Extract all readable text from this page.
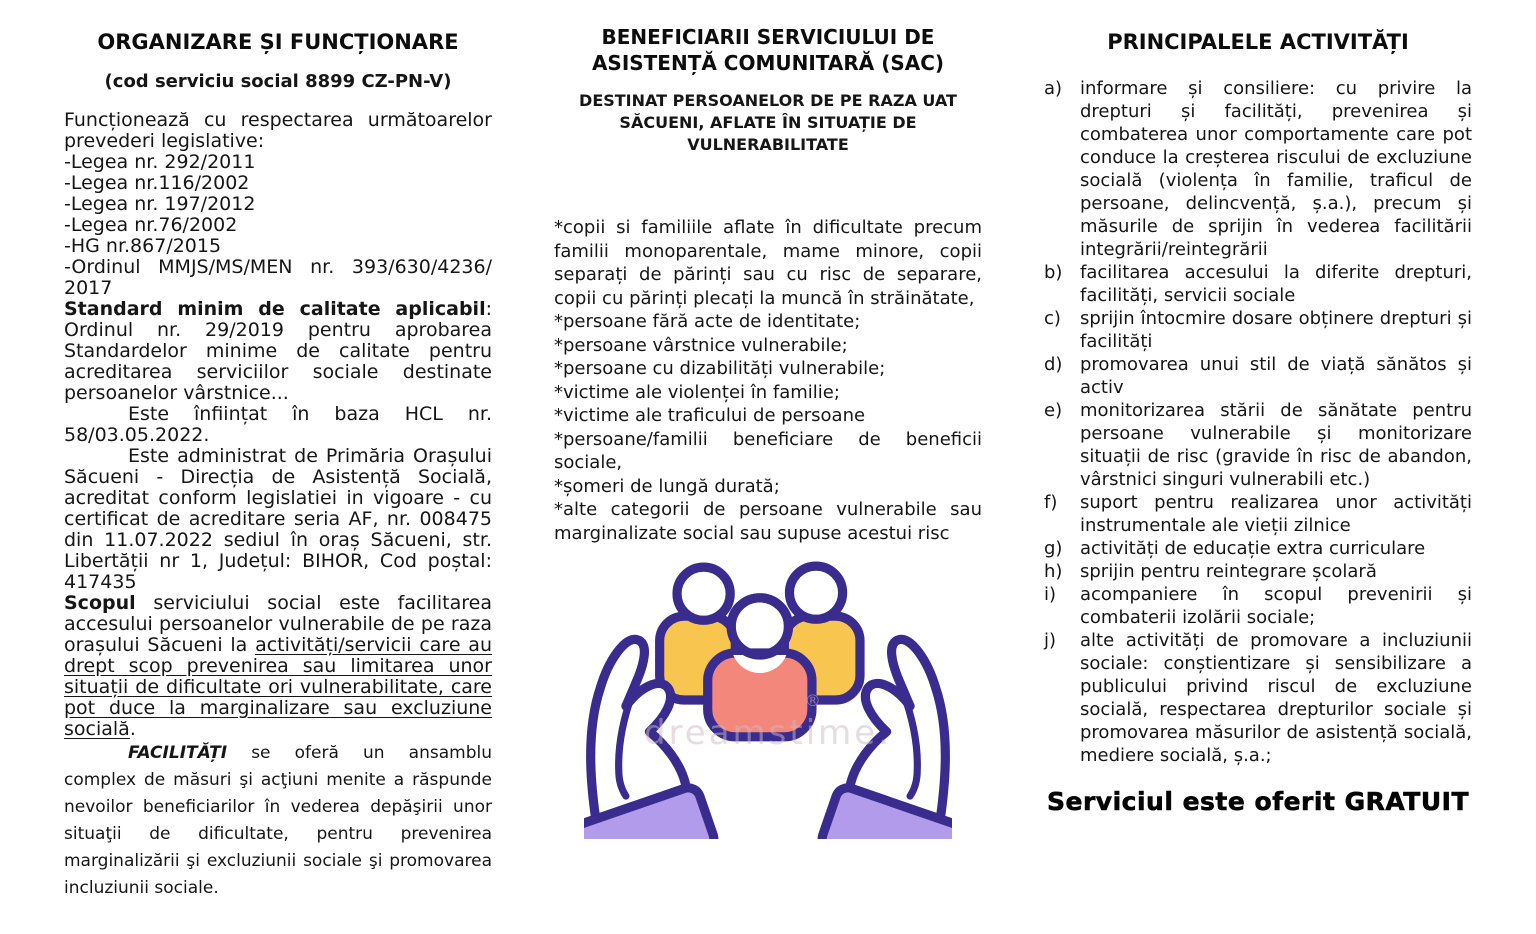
ORGANIZARE ȘI FUNCȚIONARE
(cod serviciu social 8899 CZ-PN-V)

Funcționează cu respectarea următoarelor prevederi legislative:

-Legea nr. 292/2011

-Legea nr.116/2002

-Legea nr. 197/2012

-Legea nr.76/2002

-HG nr.867/2015

-Ordinul MMJS/MS/MEN nr. 393/630/4236/ 2017

Standard minim de calitate aplicabil: Ordinul nr. 29/2019 pentru aprobarea Standardelor minime de calitate pentru acreditarea serviciilor sociale destinate persoanelor vârstnice...

Este înființat în baza HCL nr. 58/03.05.2022.

Este administrat de Primăria Orașului Săcueni - Direcția de Asistență Socială, acreditat conform legislatiei in vigoare - cu certificat de acreditare seria AF, nr. 008475 din 11.07.2022 sediul în oraș Săcueni, str. Libertății nr 1, Județul: BIHOR, Cod poștal: 417435

Scopul serviciului social este facilitarea accesului persoanelor vulnerabile de pe raza orașului Săcueni la activități/servicii care au drept scop prevenirea sau limitarea unor situații de dificultate ori vulnerabilitate, care pot duce la marginalizare sau excluziune socială.

FACILITĂȚI se oferă un ansamblu complex de măsuri şi acţiuni menite a răspunde nevoilor beneficiarilor în vederea depăşirii unor situaţii de dificultate, pentru prevenirea marginalizării şi excluziunii sociale şi promovarea incluziunii sociale.

BENEFICIARII SERVICIULUI DE ASISTENȚĂ COMUNITARĂ (SAC)
DESTINAT PERSOANELOR DE PE RAZA UAT SĂCUENI, AFLATE ÎN SITUAȚIE DE VULNERABILITATE

*copii si familiile aflate în dificultate precum familii monoparentale, mame minore, copii separați de părinți sau cu risc de separare, copii cu părinți plecați la muncă în străinătate,

*persoane fără acte de identitate;

*persoane vârstnice vulnerabile;

*persoane cu dizabilități vulnerabile;

*victime ale violenței în familie;

*victime ale traficului de persoane

*persoane/familii beneficiare de beneficii sociale,

*șomeri de lungă durată;

*alte categorii de persoane vulnerabile sau marginalizate social sau supuse acestui risc

dreamstime.
®
PRINCIPALELE ACTIVITĂȚI
a) informare și consiliere: cu privire la drepturi și facilități, prevenirea și combaterea unor comportamente care pot conduce la creșterea riscului de excluziune socială (violența în familie, traficul de persoane, delincvență, ș.a.), precum și măsurile de sprijin în vederea facilitării integrării/reintegrării
b) facilitarea accesului la diferite drepturi, facilități, servicii sociale
c)	sprijin întocmire dosare obținere drepturi și facilități
d) promovarea unui stil de viață sănătos și activ
e) monitorizarea stării de sănătate pentru persoane vulnerabile și monitorizare situații de risc (gravide în risc de abandon, vârstnici singuri vulnerabili etc.)
f)	suport pentru realizarea unor activități instrumentale ale vieții zilnice
g) activități de educație extra curriculare
h) sprijin pentru reintegrare școlară
i)	acompaniere în scopul prevenirii și combaterii izolării sociale;
j)	alte activități de promovare a incluziunii sociale: conștientizare și sensibilizare a publicului privind riscul de excluziune socială, respectarea drepturilor sociale și promovarea măsurilor de asistență socială, mediere socială, ș.a.;
Serviciul este oferit GRATUIT
